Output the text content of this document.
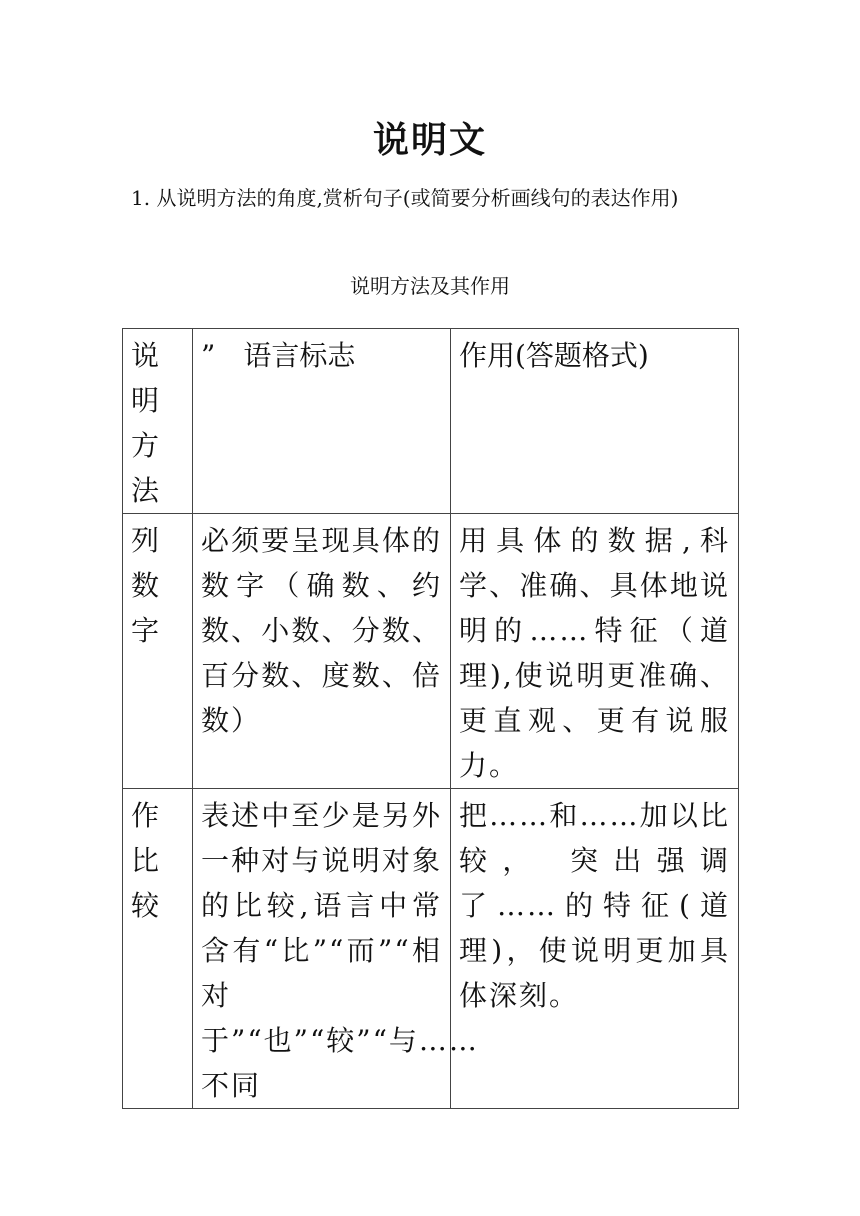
说明文
1. 从说明方法的角度,赏析句子(或简要分析画线句的表达作用)
说明方法及其作用
说明方法	”　语言标志	作用(答题格式)

列数字	必须要呈现具体的数字（确数、约数、小数、分数、百分数、度数、倍数）	用具体的数据,科学、准确、具体地说明的……特征（道理),使说明更准确、更直观、更有说服力。

作比较	表述中至少是另外一种对与说明对象的比较,语言中常含有“比”“而”“相对于”“也”“较”“与……不同	把……和……加以比较， 突出强调了……的特征(道理)，使说明更加具体深刻。
